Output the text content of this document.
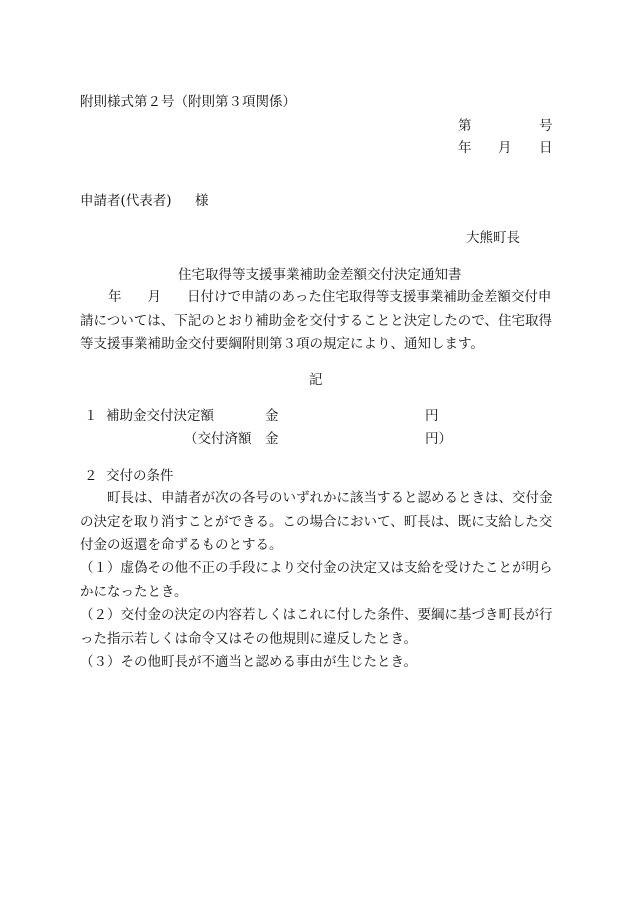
附則様式第２号（附則第３項関係）
第	号
年 月 日
申請者(代表者) 様
大熊町長
住宅取得等支援事業補助金差額交付決定通知書
年 月 日付けで申請のあった住宅取得等支援事業補助金差額交付申
請については、下記のとおり補助金を交付することと決定したので、住宅取得
等支援事業補助金交付要綱附則第３項の規定により、通知します。
記
１ 補助金交付決定額	金	円
（交付済額 金	円）
２ 交付の条件
町長は、申請者が次の各号のいずれかに該当すると認めるときは、交付金
の決定を取り消すことができる。この場合において、町長は、既に支給した交
付金の返還を命ずるものとする。
（１）虚偽その他不正の手段により交付金の決定又は支給を受けたことが明ら
かになったとき。
（２）交付金の決定の内容若しくはこれに付した条件、要綱に基づき町長が行
った指示若しくは命令又はその他規則に違反したとき。
（３）その他町長が不適当と認める事由が生じたとき。
